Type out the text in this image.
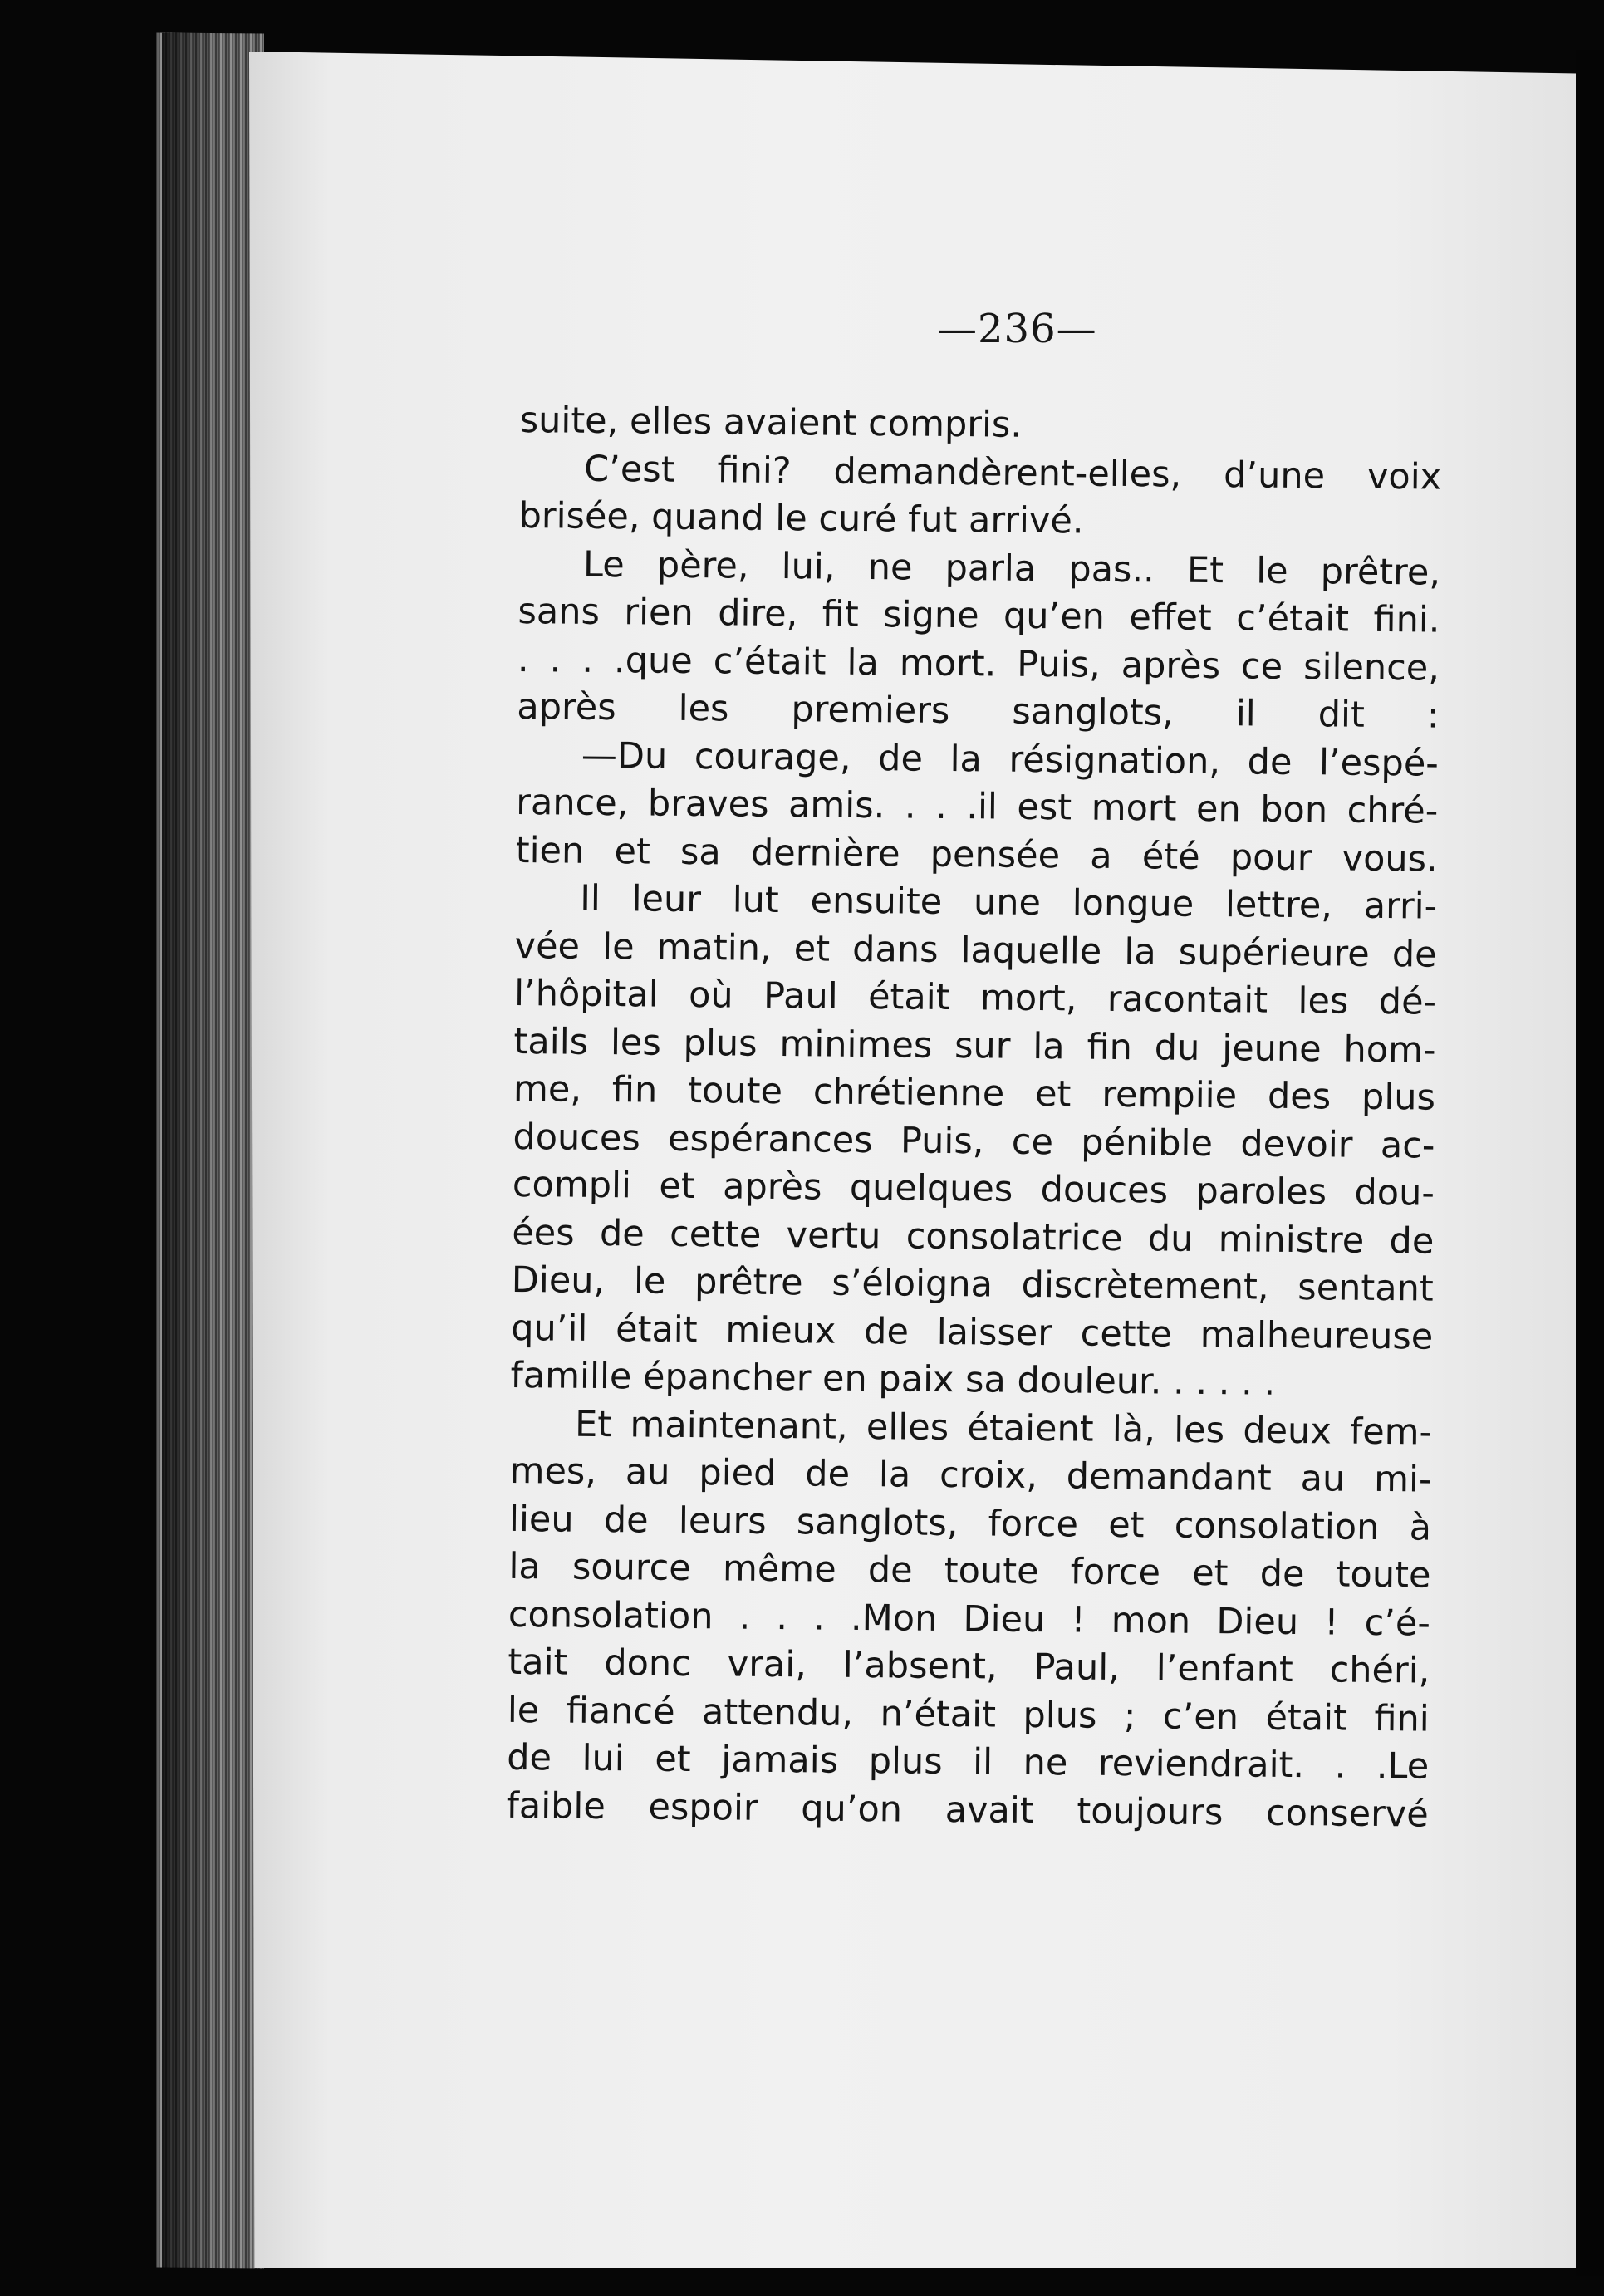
—236—
suite, elles avaient compris.
C’est fini? demandèrent-elles, d’une voix
brisée, quand le curé fut arrivé.
Le père, lui, ne parla pas.. Et le prêtre,
sans rien dire, fit signe qu’en effet c’était fini.
. . . .que c’était la mort. Puis, après ce silence,
après les premiers sanglots, il dit :
—Du courage, de la résignation, de l’espé-
rance, braves amis. . . .il est mort en bon chré-
tien et sa dernière pensée a été pour vous.
Il leur lut ensuite une longue lettre, arri-
vée le matin, et dans laquelle la supérieure de
l’hôpital où Paul était mort, racontait les dé-
tails les plus minimes sur la fin du jeune hom-
me, fin toute chrétienne et rempiie des plus
douces espérances Puis, ce pénible devoir ac-
compli et après quelques douces paroles dou-
ées de cette vertu consolatrice du ministre de
Dieu, le prêtre s’éloigna discrètement, sentant
qu’il était mieux de laisser cette malheureuse
famille épancher en paix sa douleur. . . . . .
Et maintenant, elles étaient là, les deux fem-
mes, au pied de la croix, demandant au mi-
lieu de leurs sanglots, force et consolation à
la source même de toute force et de toute
consolation . . . .Mon Dieu ! mon Dieu ! c’é-
tait donc vrai, l’absent, Paul, l’enfant chéri,
le fiancé attendu, n’était plus ; c’en était fini
de lui et jamais plus il ne reviendrait. . .Le
faible espoir qu’on avait toujours conservé
